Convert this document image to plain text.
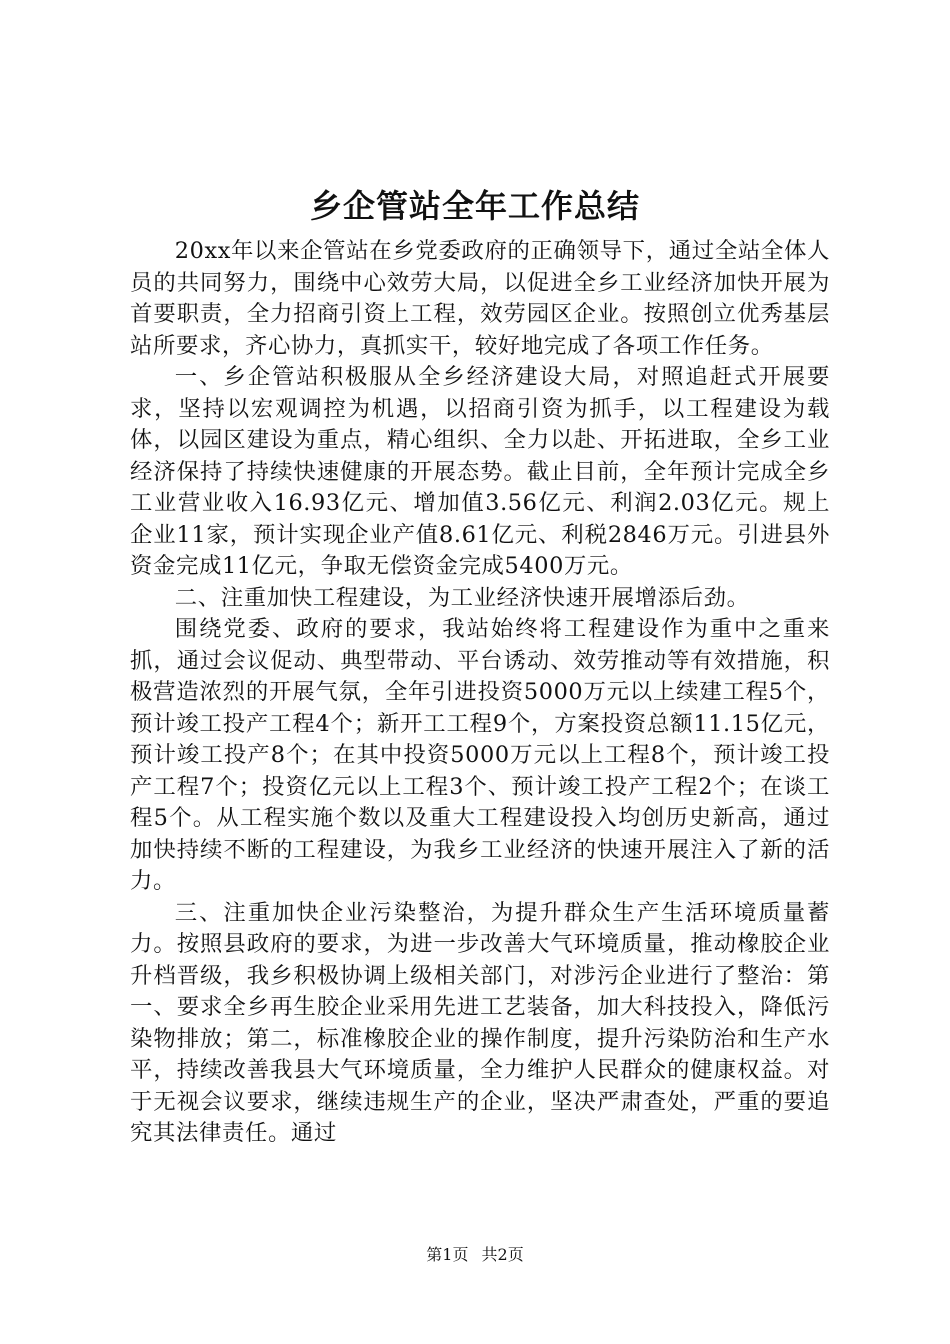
乡企管站全年工作总结

20xx年以来企管站在乡党委政府的正确领导下，通过全站全体人员的共同努力，围绕中心效劳大局，以促进全乡工业经济加快开展为首要职责，全力招商引资上工程，效劳园区企业。按照创立优秀基层站所要求，齐心协力，真抓实干，较好地完成了各项工作任务。

一、乡企管站积极服从全乡经济建设大局，对照追赶式开展要求，坚持以宏观调控为机遇，以招商引资为抓手，以工程建设为载体，以园区建设为重点，精心组织、全力以赴、开拓进取，全乡工业经济保持了持续快速健康的开展态势。截止目前，全年预计完成全乡工业营业收入16.93亿元、增加值3.56亿元、利润2.03亿元。规上企业11家，预计实现企业产值8.61亿元、利税2846万元。引进县外资金完成11亿元，争取无偿资金完成5400万元。

二、注重加快工程建设，为工业经济快速开展增添后劲。

围绕党委、政府的要求，我站始终将工程建设作为重中之重来抓，通过会议促动、典型带动、平台诱动、效劳推动等有效措施，积极营造浓烈的开展气氛，全年引进投资5000万元以上续建工程5个，预计竣工投产工程4个；新开工工程9个，方案投资总额11.15亿元，预计竣工投产8个；在其中投资5000万元以上工程8个，预计竣工投产工程7个；投资亿元以上工程3个、预计竣工投产工程2个；在谈工程5个。从工程实施个数以及重大工程建设投入均创历史新高，通过加快持续不断的工程建设，为我乡工业经济的快速开展注入了新的活力。

三、注重加快企业污染整治，为提升群众生产生活环境质量蓄力。按照县政府的要求，为进一步改善大气环境质量，推动橡胶企业升档晋级，我乡积极协调上级相关部门，对涉污企业进行了整治：第一、要求全乡再生胶企业采用先进工艺装备，加大科技投入，降低污染物排放；第二，标准橡胶企业的操作制度，提升污染防治和生产水平，持续改善我县大气环境质量，全力维护人民群众的健康权益。对于无视会议要求，继续违规生产的企业，坚决严肃查处，严重的要追究其法律责任。通过

第1页 共2页
